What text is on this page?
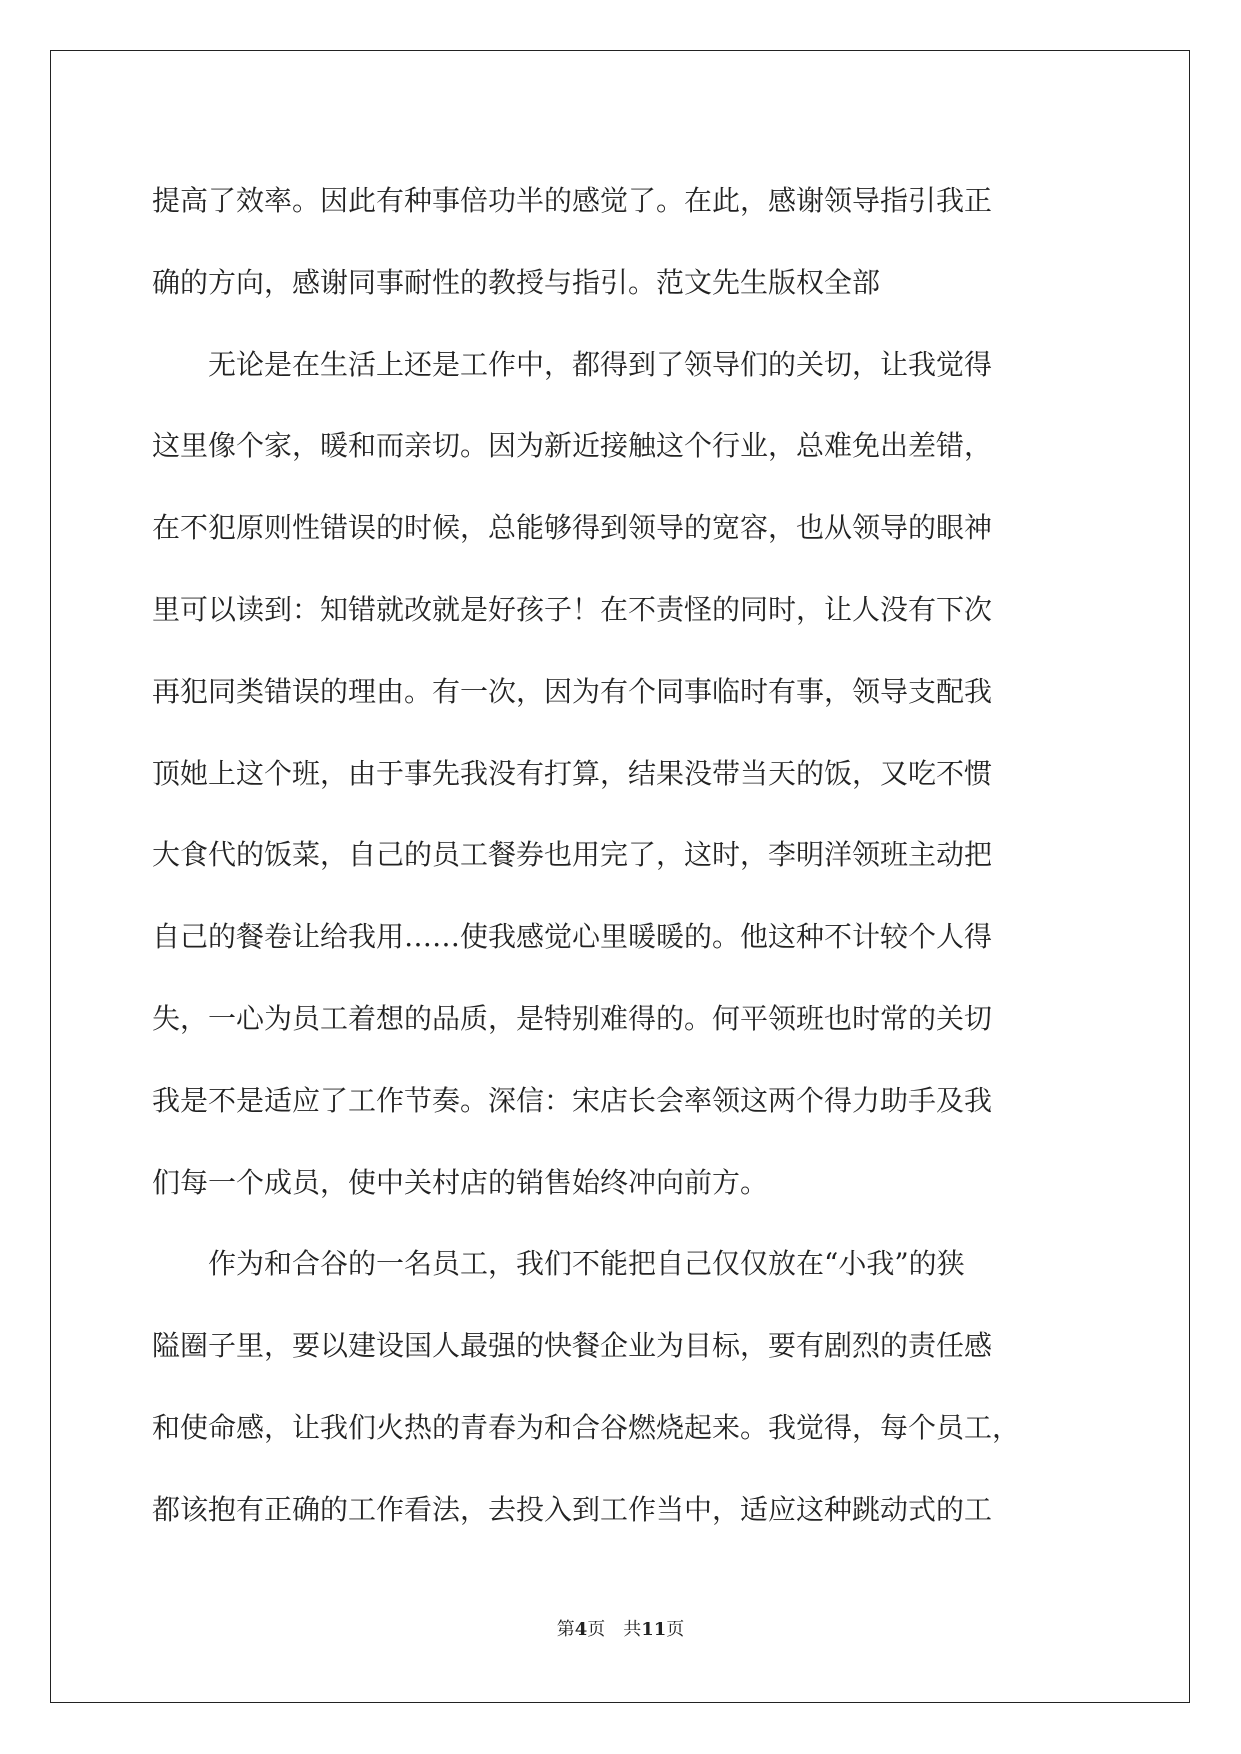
提高了效率。因此有种事倍功半的感觉了。在此，感谢领导指引我正
确的方向，感谢同事耐性的教授与指引。范文先生版权全部
　　无论是在生活上还是工作中，都得到了领导们的关切，让我觉得
这里像个家，暖和而亲切。因为新近接触这个行业，总难免出差错，
在不犯原则性错误的时候，总能够得到领导的宽容，也从领导的眼神
里可以读到：知错就改就是好孩子！在不责怪的同时，让人没有下次
再犯同类错误的理由。有一次，因为有个同事临时有事，领导支配我
顶她上这个班，由于事先我没有打算，结果没带当天的饭，又吃不惯
大食代的饭菜，自己的员工餐券也用完了，这时，李明洋领班主动把
自己的餐卷让给我用……使我感觉心里暖暖的。他这种不计较个人得
失，一心为员工着想的品质，是特别难得的。何平领班也时常的关切
我是不是适应了工作节奏。深信：宋店长会率领这两个得力助手及我
们每一个成员，使中关村店的销售始终冲向前方。
　　作为和合谷的一名员工，我们不能把自己仅仅放在“小我”的狭
隘圈子里，要以建设国人最强的快餐企业为目标，要有剧烈的责任感
和使命感，让我们火热的青春为和合谷燃烧起来。我觉得，每个员工，
都该抱有正确的工作看法，去投入到工作当中，适应这种跳动式的工
第4页  共11页
